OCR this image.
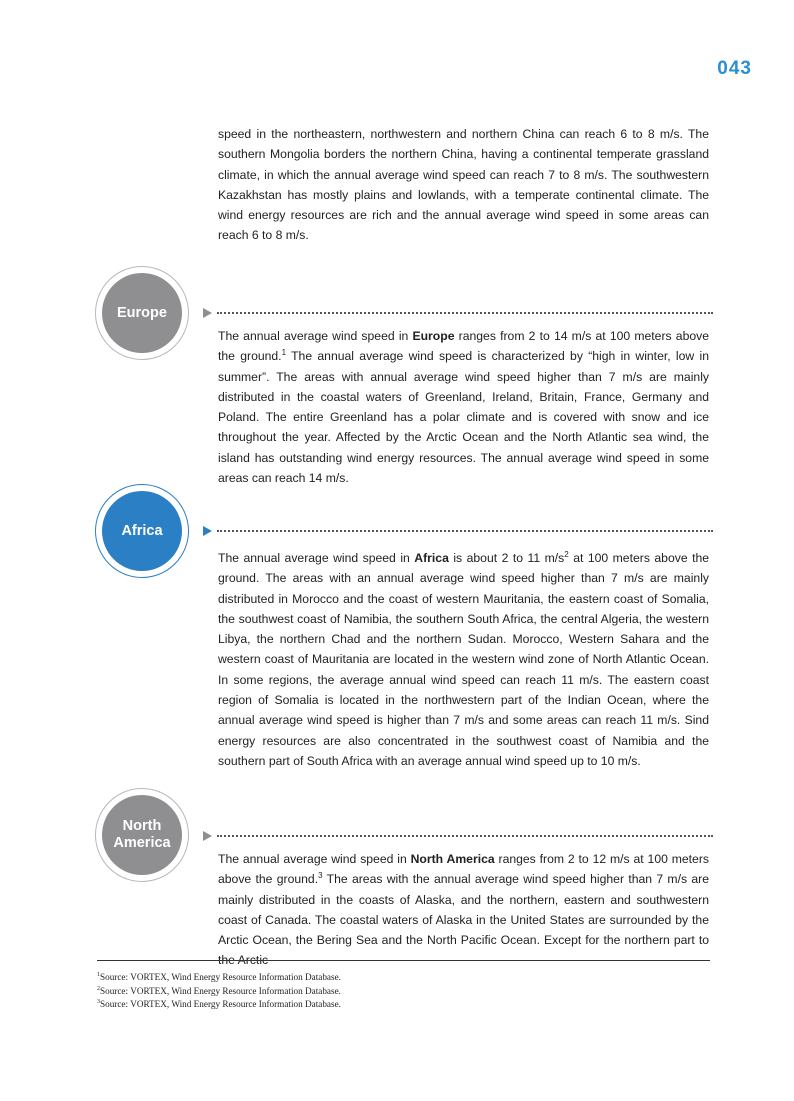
043

speed in the northeastern, northwestern and northern China can reach 6 to 8 m/s. The southern Mongolia borders the northern China, having a continental temperate grassland climate, in which the annual average wind speed can reach 7 to 8 m/s. The southwestern Kazakhstan has mostly plains and lowlands, with a temperate continental climate. The wind energy resources are rich and the annual average wind speed in some areas can reach 6 to 8 m/s.

Europe

The annual average wind speed in Europe ranges from 2 to 14 m/s at 100 meters above the ground.$^1$ The annual average wind speed is characterized by “high in winter, low in summer”. The areas with annual average wind speed higher than 7 m/s are mainly distributed in the coastal waters of Greenland, Ireland, Britain, France, Germany and Poland. The entire Greenland has a polar climate and is covered with snow and ice throughout the year. Affected by the Arctic Ocean and the North Atlantic sea wind, the island has outstanding wind energy resources. The annual average wind speed in some areas can reach 14 m/s.

Africa

The annual average wind speed in Africa is about 2 to 11 $m/s^2$ at 100 meters above the ground. The areas with an annual average wind speed higher than 7 m/s are mainly distributed in Morocco and the coast of western Mauritania, the eastern coast of Somalia, the southwest coast of Namibia, the southern South Africa, the central Algeria, the western Libya, the northern Chad and the northern Sudan. Morocco, Western Sahara and the western coast of Mauritania are located in the western wind zone of North Atlantic Ocean. In some regions, the average annual wind speed can reach 11 m/s. The eastern coast region of Somalia is located in the northwestern part of the Indian Ocean, where the annual average wind speed is higher than 7 m/s and some areas can reach 11 m/s. Sind energy resources are also concentrated in the southwest coast of Namibia and the southern part of South Africa with an average annual wind speed up to 10 m/s.

North
America

The annual average wind speed in North America ranges from 2 to 12 m/s at 100 meters above the ground.$^3$ The areas with the annual average wind speed higher than 7 m/s are mainly distributed in the coasts of Alaska, and the northern, eastern and southwestern coast of Canada. The coastal waters of Alaska in the United States are surrounded by the Arctic Ocean, the Bering Sea and the North Pacific Ocean. Except for the northern part to the Arctic

$^1$Source: VORTEX, Wind Energy Resource Information Database.
$^2$Source: VORTEX, Wind Energy Resource Information Database.
$^3$Source: VORTEX, Wind Energy Resource Information Database.
